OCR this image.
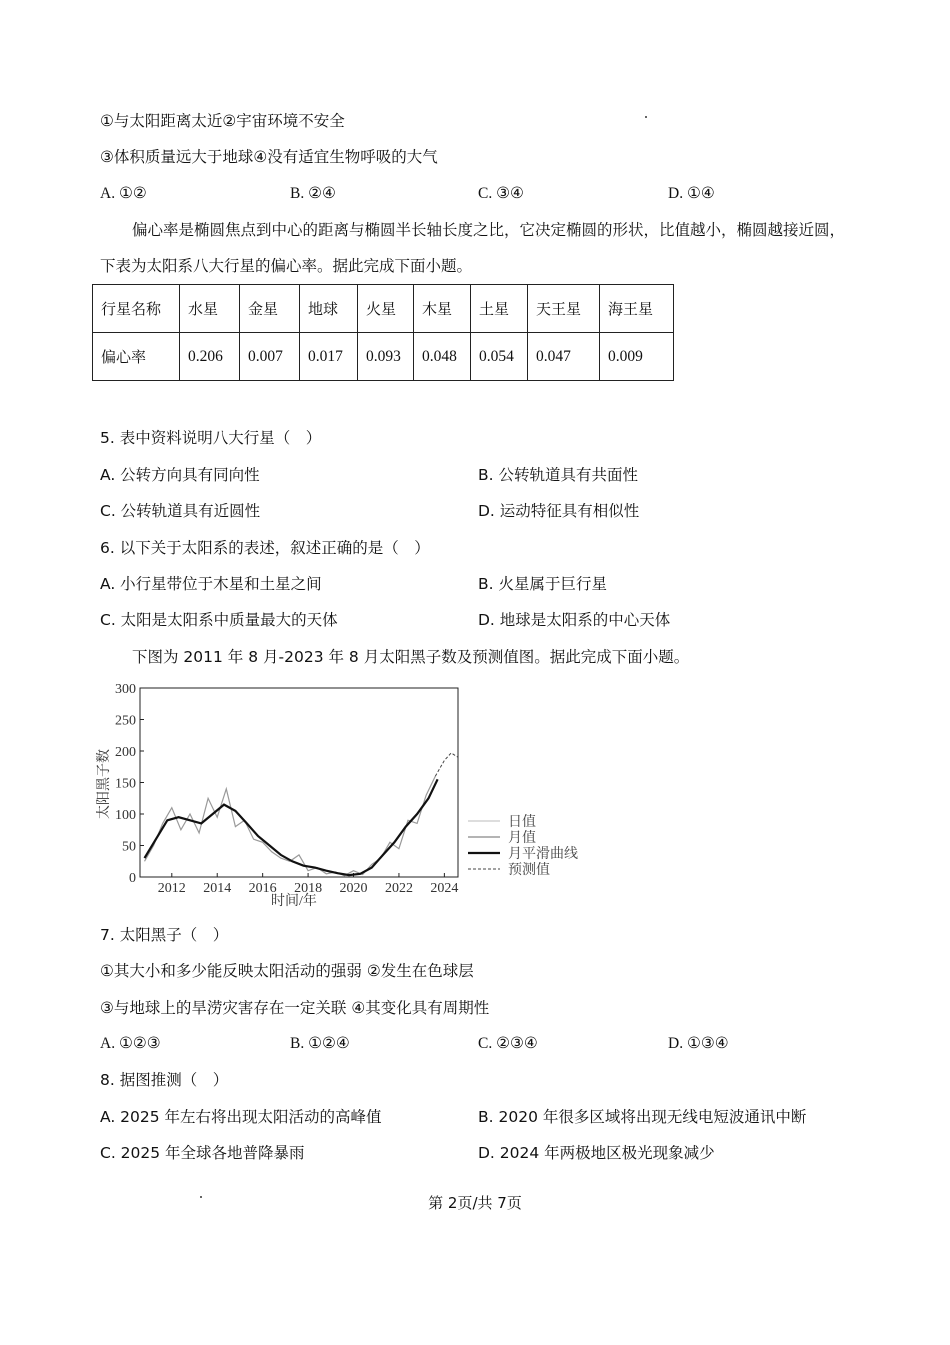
①与太阳距离太近②宇宙环境不安全
③体积质量远大于地球④没有适宜生物呼吸的大气
A. ①②	B. ②④	C. ③④	D. ①④
偏心率是椭圆焦点到中心的距离与椭圆半长轴长度之比，它决定椭圆的形状，比值越小，椭圆越接近圆，下表为太阳系八大行星的偏心率。据此完成下面小题。
行星名称	水星	金星	地球	火星	木星	土星	天王星	海王星
偏心率	0.206	0.007	0.017	0.093	0.048	0.054	0.047	0.009
5. 表中资料说明八大行星（　）
A. 公转方向具有同向性	B. 公转轨道具有共面性
C. 公转轨道具有近圆性	D. 运动特征具有相似性
6. 以下关于太阳系的表述，叙述正确的是（　）
A. 小行星带位于木星和土星之间	B. 火星属于巨行星
C. 太阳是太阳系中质量最大的天体	D. 地球是太阳系的中心天体
下图为 2011 年 8 月-2023 年 8 月太阳黑子数及预测值图。据此完成下面小题。
0
50
100
150
200
250
300
2012 2014 2016 2018 2020 2022 2024
太阳黑子数
时间/年
日值
月值
月平滑曲线
预测值
7. 太阳黑子（　）
①其大小和多少能反映太阳活动的强弱 ②发生在色球层
③与地球上的旱涝灾害存在一定关联 ④其变化具有周期性
A. ①②③	B. ①②④	C. ②③④	D. ①③④
8. 据图推测（　）
A. 2025 年左右将出现太阳活动的高峰值	B. 2020 年很多区域将出现无线电短波通讯中断
C. 2025 年全球各地普降暴雨	D. 2024 年两极地区极光现象减少
第 2页/共 7页
